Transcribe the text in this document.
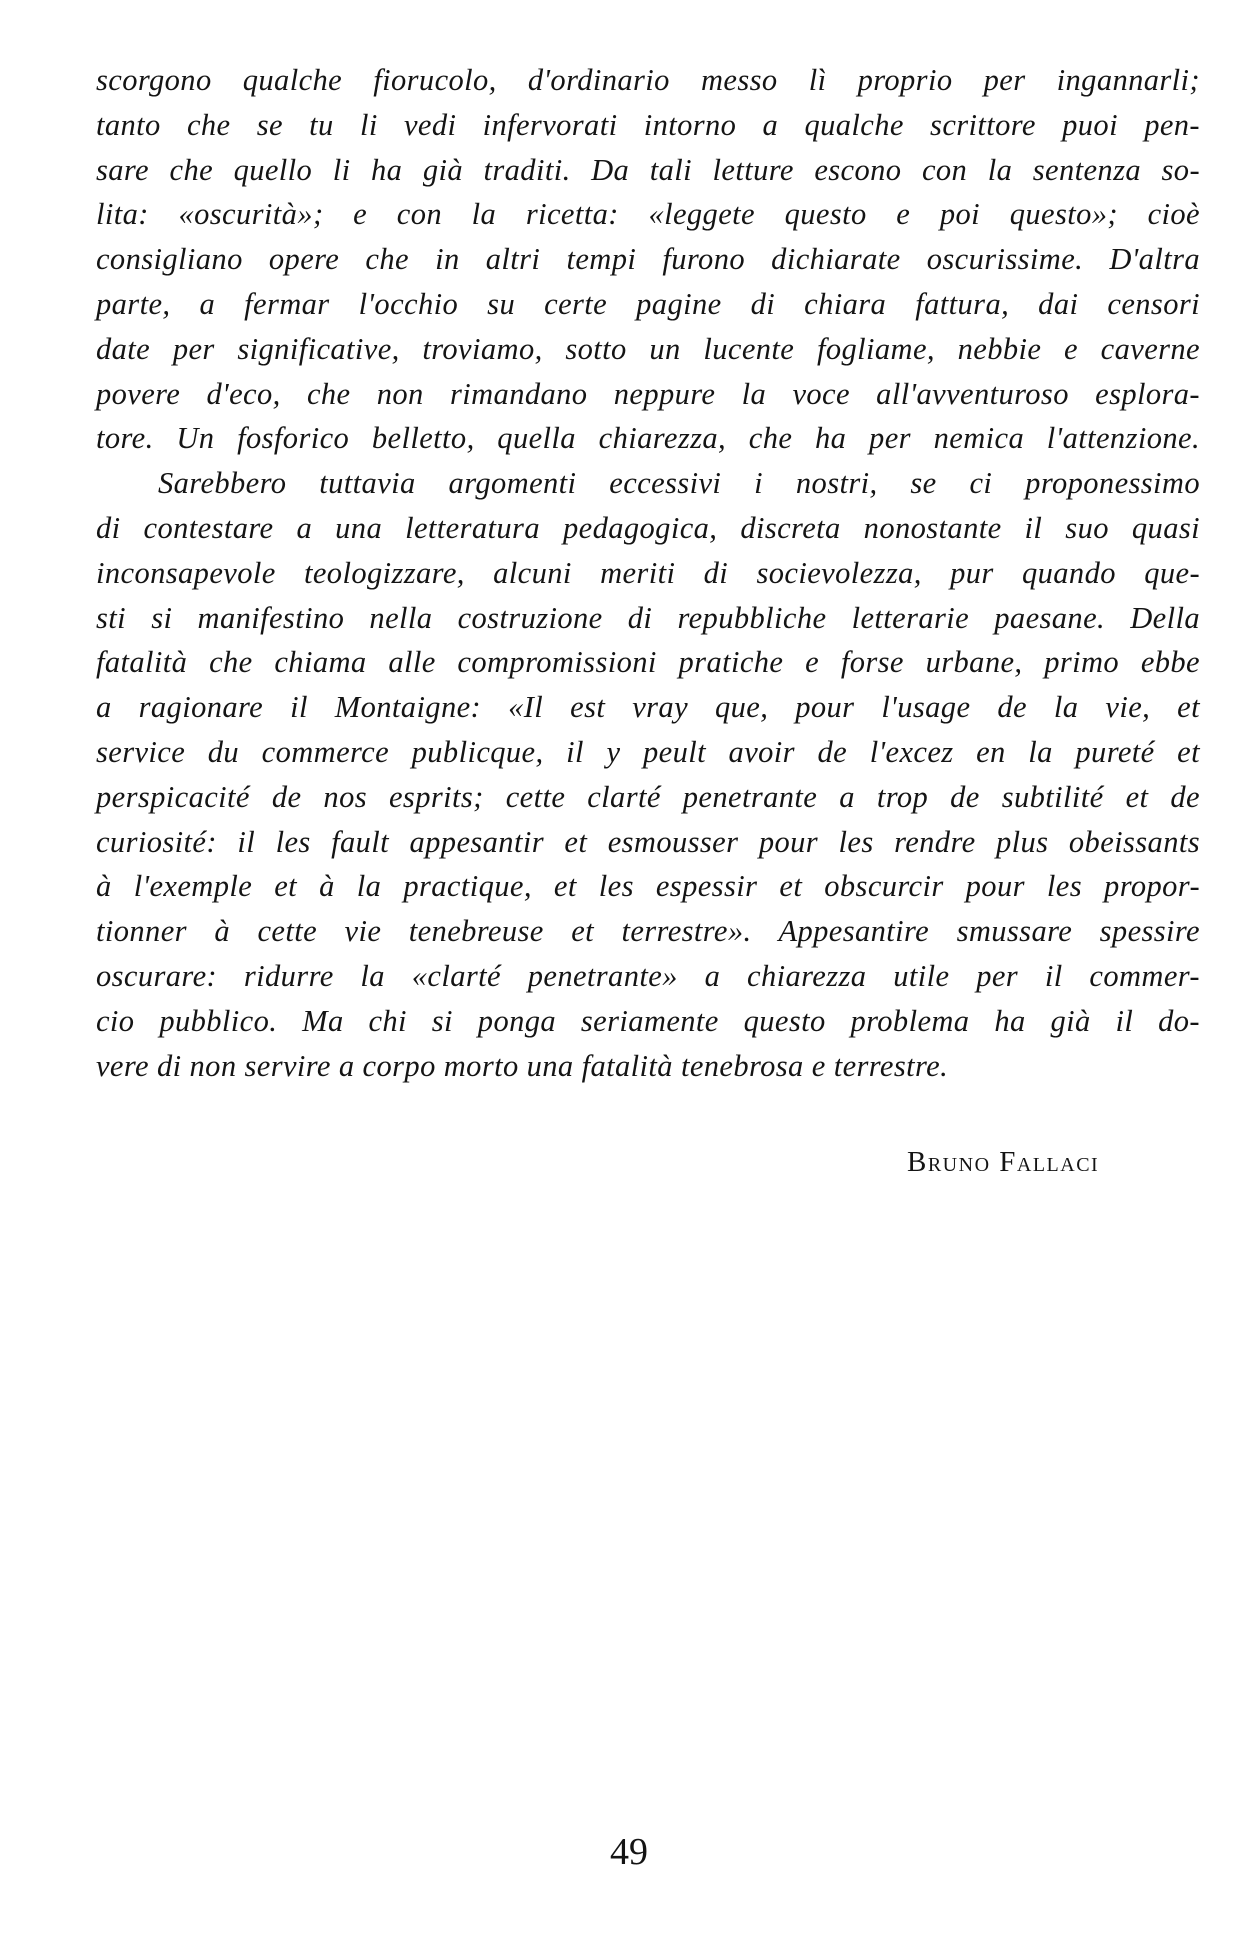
scorgono qualche fiorucolo, d'ordinario messo lì proprio per ingannarli;
tanto che se tu li vedi infervorati intorno a qualche scrittore puoi pen-
sare che quello li ha già traditi. Da tali letture escono con la sentenza so-
lita: «oscurità»; e con la ricetta: «leggete questo e poi questo»; cioè
consigliano opere che in altri tempi furono dichiarate oscurissime. D'altra
parte, a fermar l'occhio su certe pagine di chiara fattura, dai censori
date per significative, troviamo, sotto un lucente fogliame, nebbie e caverne
povere d'eco, che non rimandano neppure la voce all'avventuroso esplora-
tore. Un fosforico belletto, quella chiarezza, che ha per nemica l'attenzione.
Sarebbero tuttavia argomenti eccessivi i nostri, se ci proponessimo
di contestare a una letteratura pedagogica, discreta nonostante il suo quasi
inconsapevole teologizzare, alcuni meriti di socievolezza, pur quando que-
sti si manifestino nella costruzione di repubbliche letterarie paesane. Della
fatalità che chiama alle compromissioni pratiche e forse urbane, primo ebbe
a ragionare il Montaigne: «Il est vray que, pour l'usage de la vie, et
service du commerce publicque, il y peult avoir de l'excez en la pureté et
perspicacité de nos esprits; cette clarté penetrante a trop de subtilité et de
curiosité: il les fault appesantir et esmousser pour les rendre plus obeissants
à l'exemple et à la practique, et les espessir et obscurcir pour les propor-
tionner à cette vie tenebreuse et terrestre». Appesantire smussare spessire
oscurare: ridurre la «clarté penetrante» a chiarezza utile per il commer-
cio pubblico. Ma chi si ponga seriamente questo problema ha già il do-
vere di non servire a corpo morto una fatalità tenebrosa e terrestre.
Bruno Fallaci
49
